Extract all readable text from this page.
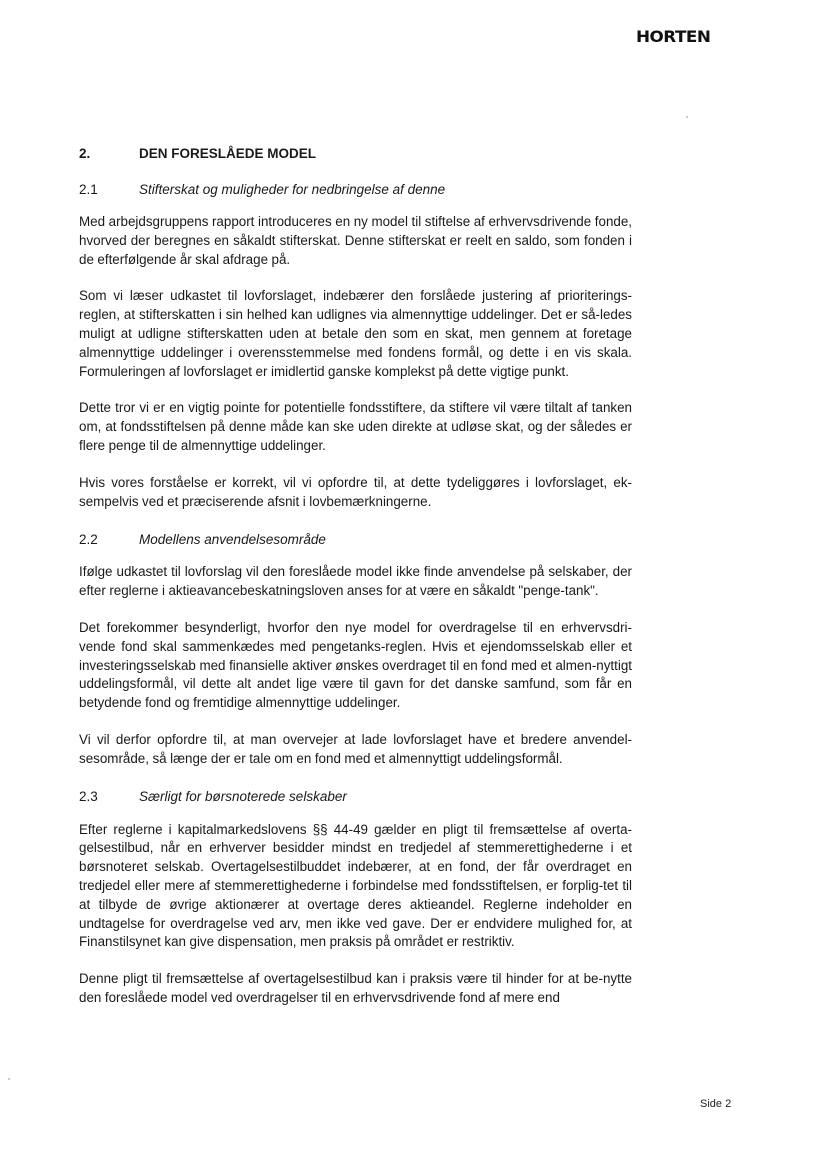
HORTEN
2.	DEN FORESLÅEDE MODEL
2.1	Stifterskat og muligheder for nedbringelse af denne

Med arbejdsgruppens rapport introduceres en ny model til stiftelse af erhvervsdrivende fonde, hvorved der beregnes en såkaldt stifterskat. Denne stifterskat er reelt en saldo, som fonden i de efterfølgende år skal afdrage på.

Som vi læser udkastet til lovforslaget, indebærer den forslåede justering af prioriterings-reglen, at stifterskatten i sin helhed kan udlignes via almennyttige uddelinger. Det er så-ledes muligt at udligne stifterskatten uden at betale den som en skat, men gennem at foretage almennyttige uddelinger i overensstemmelse med fondens formål, og dette i en vis skala. Formuleringen af lovforslaget er imidlertid ganske komplekst på dette vigtige punkt.

Dette tror vi er en vigtig pointe for potentielle fondsstiftere, da stiftere vil være tiltalt af tanken om, at fondsstiftelsen på denne måde kan ske uden direkte at udløse skat, og der således er flere penge til de almennyttige uddelinger.

Hvis vores forståelse er korrekt, vil vi opfordre til, at dette tydeliggøres i lovforslaget, ek-sempelvis ved et præciserende afsnit i lovbemærkningerne.

2.2	Modellens anvendelsesområde

Ifølge udkastet til lovforslag vil den foreslåede model ikke finde anvendelse på selskaber, der efter reglerne i aktieavancebeskatningsloven anses for at være en såkaldt "penge-tank".

Det forekommer besynderligt, hvorfor den nye model for overdragelse til en erhvervsdri-vende fond skal sammenkædes med pengetanks-reglen. Hvis et ejendomsselskab eller et investeringsselskab med finansielle aktiver ønskes overdraget til en fond med et almen-nyttigt uddelingsformål, vil dette alt andet lige være til gavn for det danske samfund, som får en betydende fond og fremtidige almennyttige uddelinger.

Vi vil derfor opfordre til, at man overvejer at lade lovforslaget have et bredere anvendel-sesområde, så længe der er tale om en fond med et almennyttigt uddelingsformål.

2.3	Særligt for børsnoterede selskaber

Efter reglerne i kapitalmarkedslovens §§ 44-49 gælder en pligt til fremsættelse af overta-gelsestilbud, når en erhverver besidder mindst en tredjedel af stemmerettighederne i et børsnoteret selskab. Overtagelsestilbuddet indebærer, at en fond, der får overdraget en tredjedel eller mere af stemmerettighederne i forbindelse med fondsstiftelsen, er forplig-tet til at tilbyde de øvrige aktionærer at overtage deres aktieandel. Reglerne indeholder en undtagelse for overdragelse ved arv, men ikke ved gave. Der er endvidere mulighed for, at Finanstilsynet kan give dispensation, men praksis på området er restriktiv.

Denne pligt til fremsættelse af overtagelsestilbud kan i praksis være til hinder for at be-nytte den foreslåede model ved overdragelser til en erhvervsdrivende fond af mere end

Side 2
